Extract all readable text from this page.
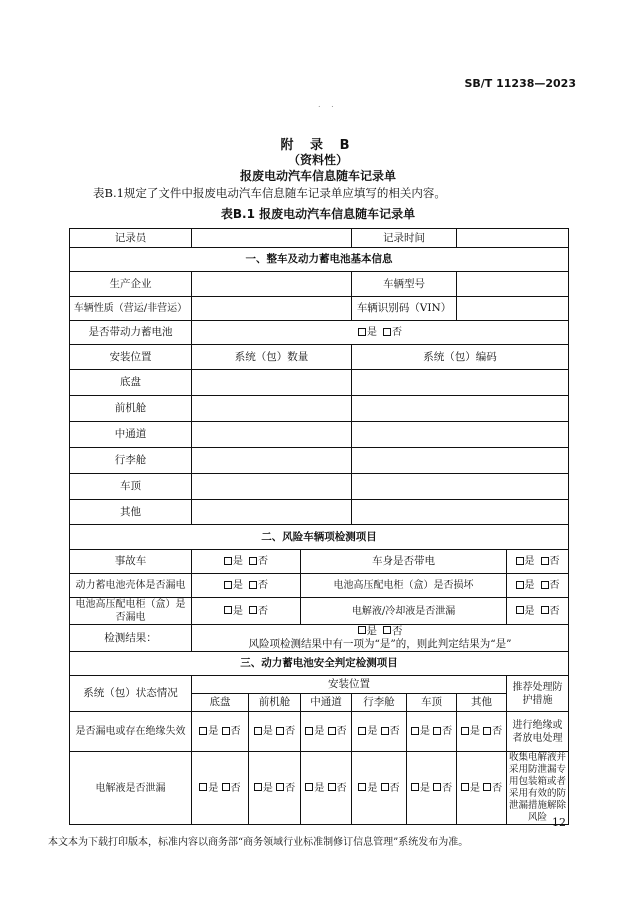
SB/T 11238—2023
. .
附 录 B
（资料性）
报废电动汽车信息随车记录单
表B.1规定了文件中报废电动汽车信息随车记录单应填写的相关内容。
表B.1 报废电动汽车信息随车记录单
记录员				记录时间			
一、整车及动力蓄电池基本信息							
生产企业				车辆型号			
车辆性质（营运/非营运）				车辆识别码（VIN）			
是否带动力蓄电池	是 否						
安装位置	系统（包）数量			系统（包）编码			
底盘							
前机舱							
中通道							
行李舱							
车顶							
其他							
二、风险车辆项检测项目							
事故车	是 否		车身是否带电				是 否
动力蓄电池壳体是否漏电	是 否		电池高压配电柜（盒）是否损坏				是 否
电池高压配电柜（盒）是否漏电	是 否		电解液/冷却液是否泄漏				是 否
检测结果：	是 否
风险项检测结果中有一项为“是”的，则此判定结果为“是”						

三、动力蓄电池安全判定检测项目							
系统（包）状态情况	安装位置						推荐处理防护措施
	底盘	前机舱	中通道	行李舱	车顶	其他	
是否漏电或存在绝缘失效	是 否	是 否	是 否	是 否	是 否	是 否	进行绝缘或者放电处理
电解液是否泄漏	是 否	是 否	是 否	是 否	是 否	是 否	收集电解液并采用防泄漏专用包装箱或者采用有效的防泄漏措施解除风险 12
本文本为下载打印版本，标准内容以商务部“商务领域行业标准制修订信息管理”系统发布为准。
